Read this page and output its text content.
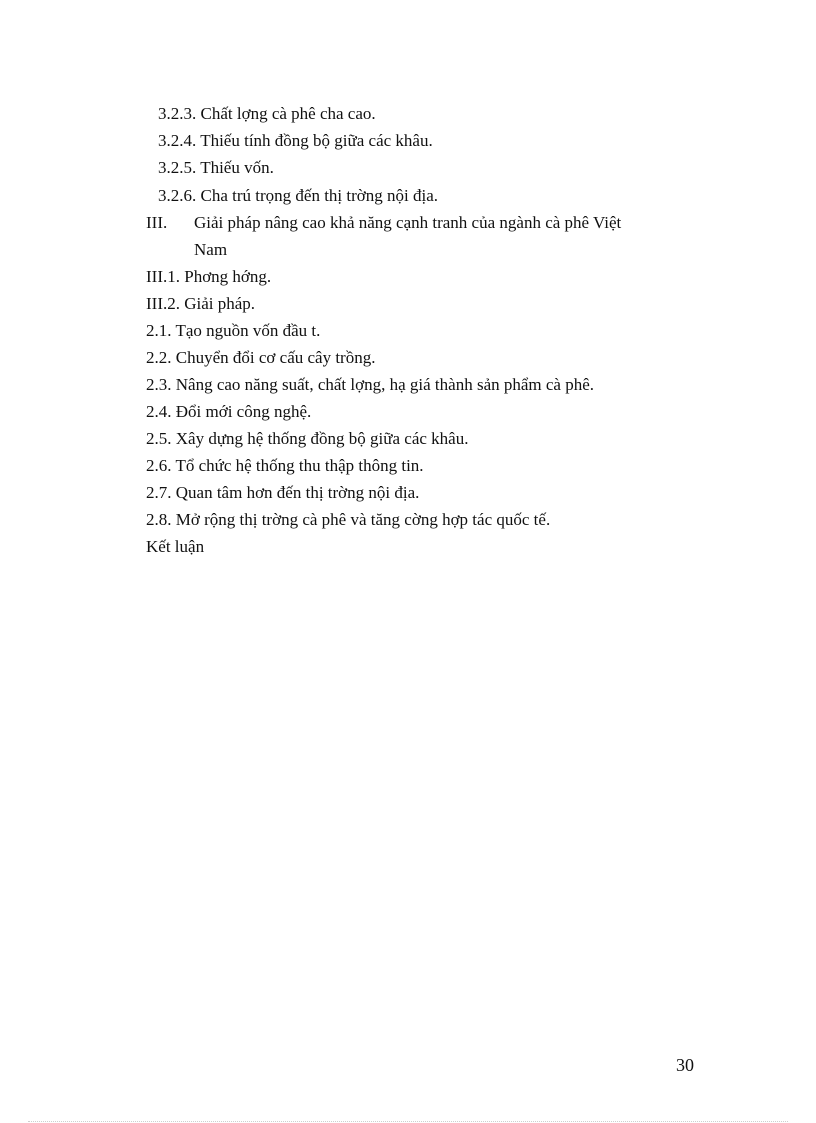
3.2.3. Chất lợng cà phê cha cao.
3.2.4. Thiếu tính đồng bộ giữa các khâu.
3.2.5. Thiếu vốn.
3.2.6. Cha trú trọng đến thị trờng nội địa.
III. Giải pháp nâng cao khả năng cạnh tranh của ngành cà phê Việt
Nam
III.1. Phơng hớng.
III.2. Giải pháp.
2.1. Tạo nguồn vốn đầu t.
2.2. Chuyển đổi cơ cấu cây trồng.
2.3. Nâng cao năng suất, chất lợng, hạ giá thành sản phẩm cà phê.
2.4. Đổi mới công nghệ.
2.5. Xây dựng hệ thống đồng bộ giữa các khâu.
2.6. Tổ chức hệ thống thu thập thông tin.
2.7. Quan tâm hơn đến thị trờng nội địa.
2.8. Mở rộng thị trờng cà phê và tăng cờng hợp tác quốc tế.
Kết luận
30
